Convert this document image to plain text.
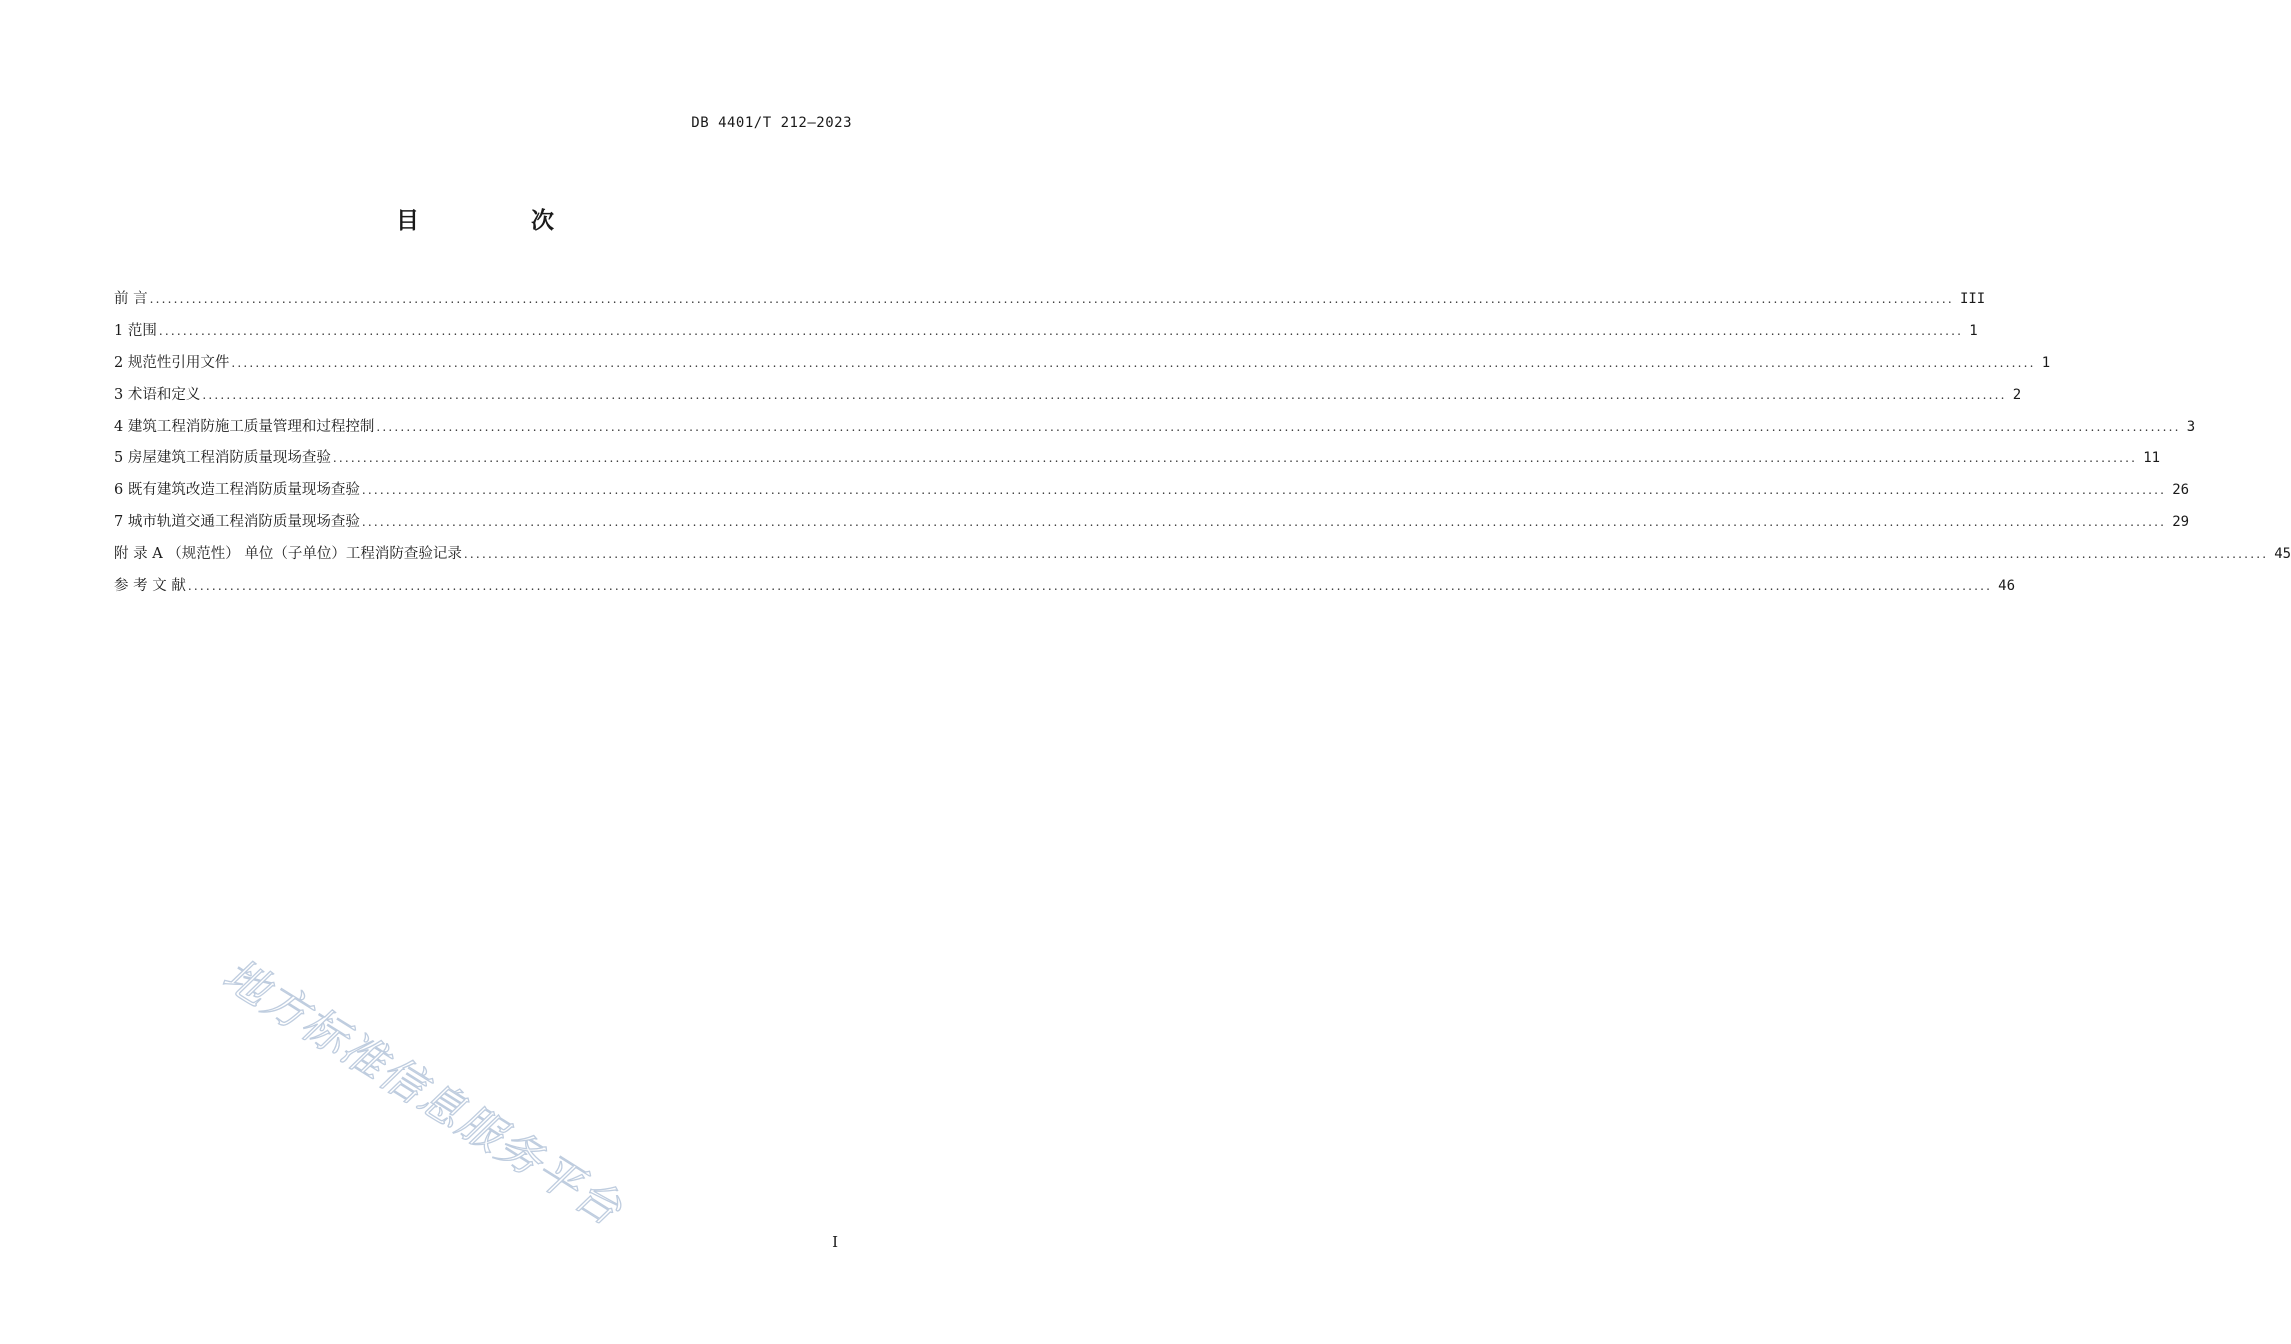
DB 4401/T 212—2023
目 次
前 言 ............................................................................................................................................................................................................................................................................................................ III
1 范围 ............................................................................................................................................................................................................................................................................................................ 1
2 规范性引用文件 ............................................................................................................................................................................................................................................................................................................ 1
3 术语和定义 ............................................................................................................................................................................................................................................................................................................ 2
4 建筑工程消防施工质量管理和过程控制 ............................................................................................................................................................................................................................................................................................................ 3
5 房屋建筑工程消防质量现场查验 ............................................................................................................................................................................................................................................................................................................ 11
6 既有建筑改造工程消防质量现场查验 ............................................................................................................................................................................................................................................................................................................ 26
7 城市轨道交通工程消防质量现场查验 ............................................................................................................................................................................................................................................................................................................ 29
附 录 A （规范性） 单位（子单位）工程消防查验记录 ............................................................................................................................................................................................................................................................................................................ 45
参 考 文 献 ............................................................................................................................................................................................................................................................................................................ 46
地方标准信息服务平台
I
